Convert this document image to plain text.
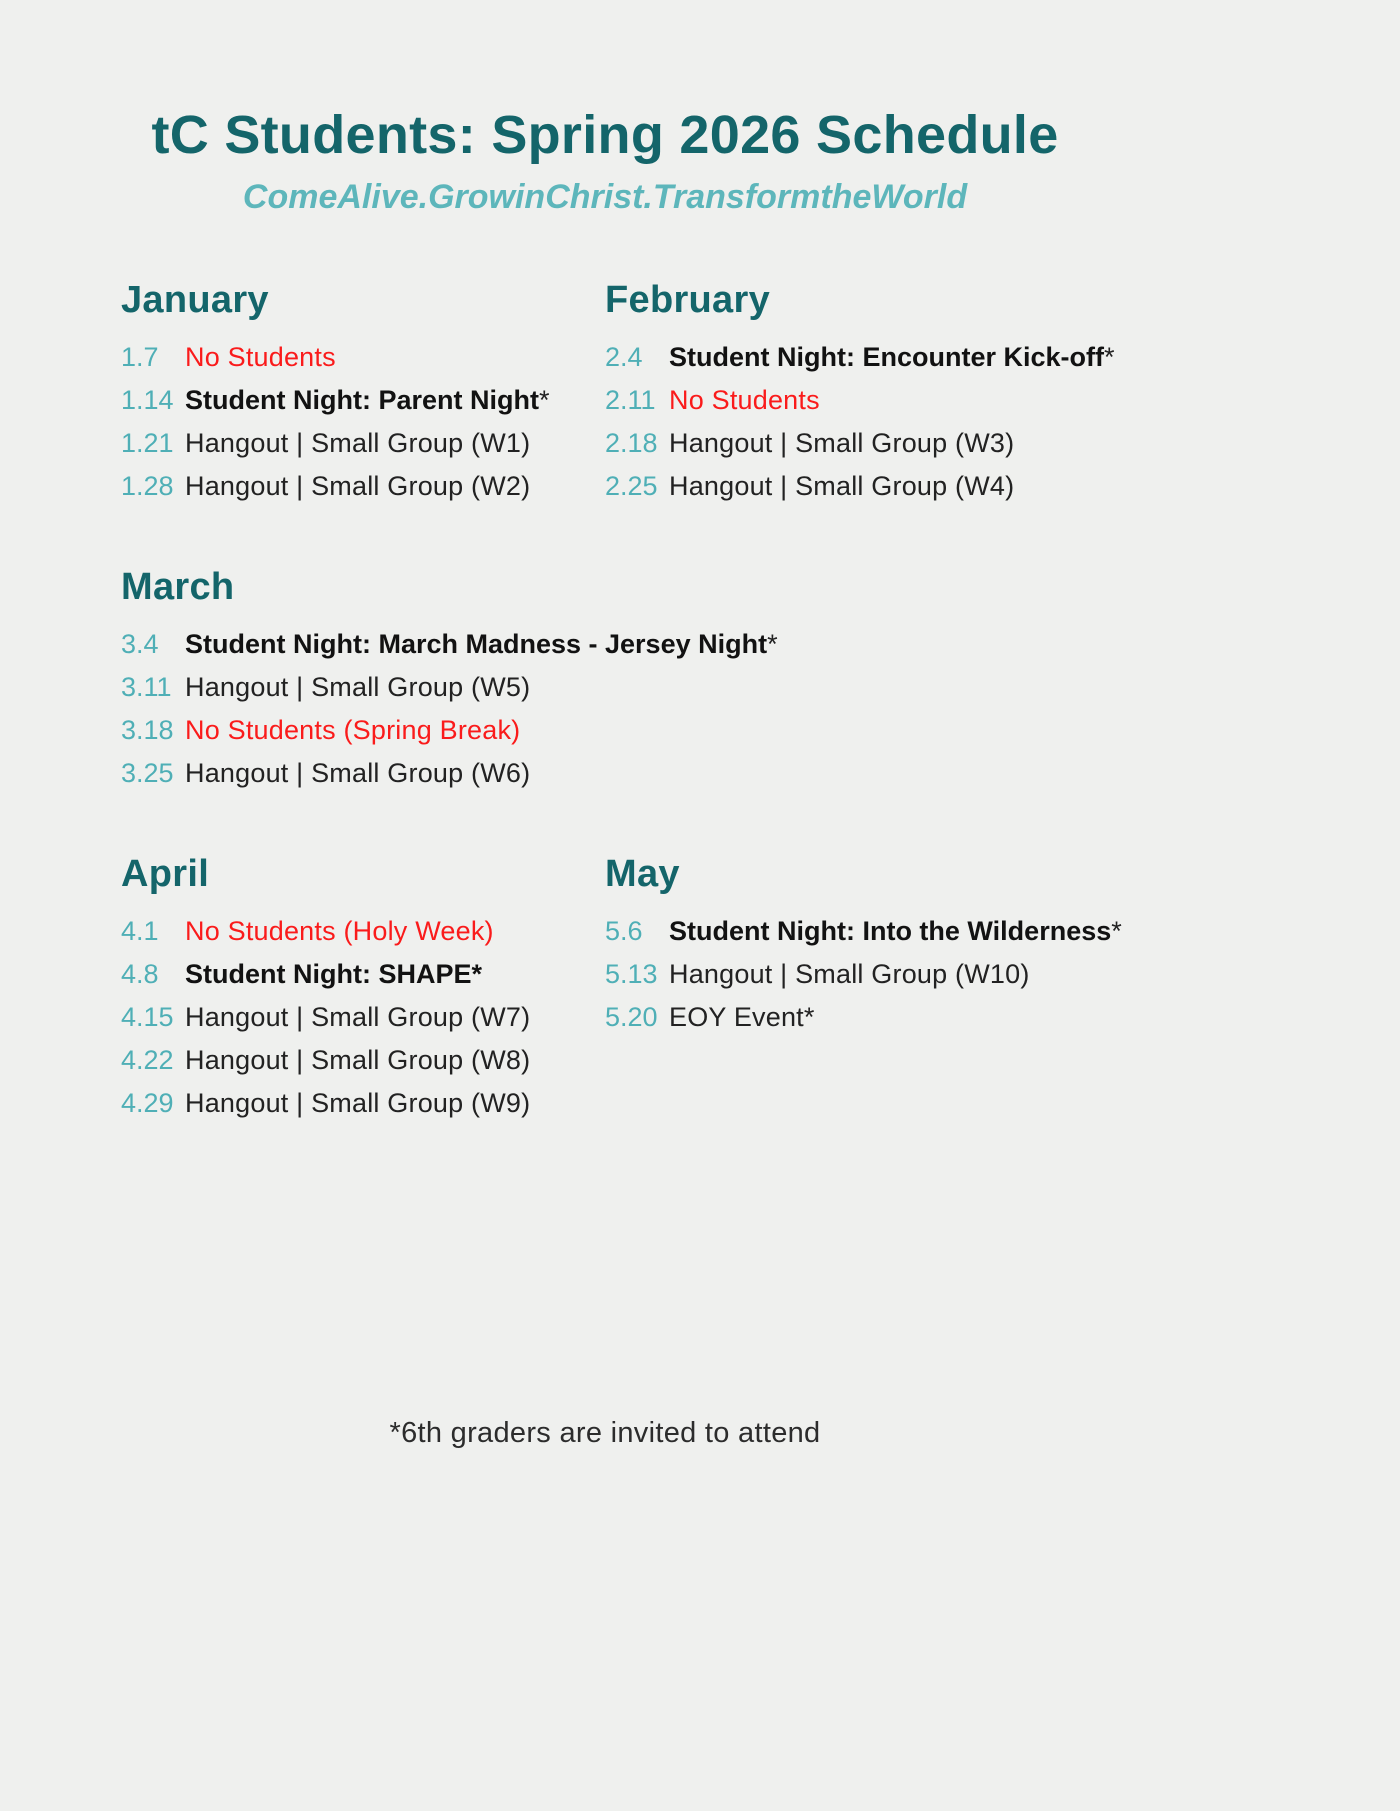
tC Students: Spring 2026 Schedule
ComeAlive.GrowinChrist.TransformtheWorld
January
1.7 No Students
1.14 Student Night: Parent Night*
1.21 Hangout | Small Group (W1)
1.28 Hangout | Small Group (W2)
February
2.4 Student Night: Encounter Kick-off*
2.11 No Students
2.18 Hangout | Small Group (W3)
2.25 Hangout | Small Group (W4)
March
3.4 Student Night: March Madness - Jersey Night*
3.11 Hangout | Small Group (W5)
3.18 No Students (Spring Break)
3.25 Hangout | Small Group (W6)
April
4.1 No Students (Holy Week)
4.8 Student Night: SHAPE*
4.15 Hangout | Small Group (W7)
4.22 Hangout | Small Group (W8)
4.29 Hangout | Small Group (W9)
May
5.6 Student Night: Into the Wilderness*
5.13 Hangout | Small Group (W10)
5.20 EOY Event*
*6th graders are invited to attend
